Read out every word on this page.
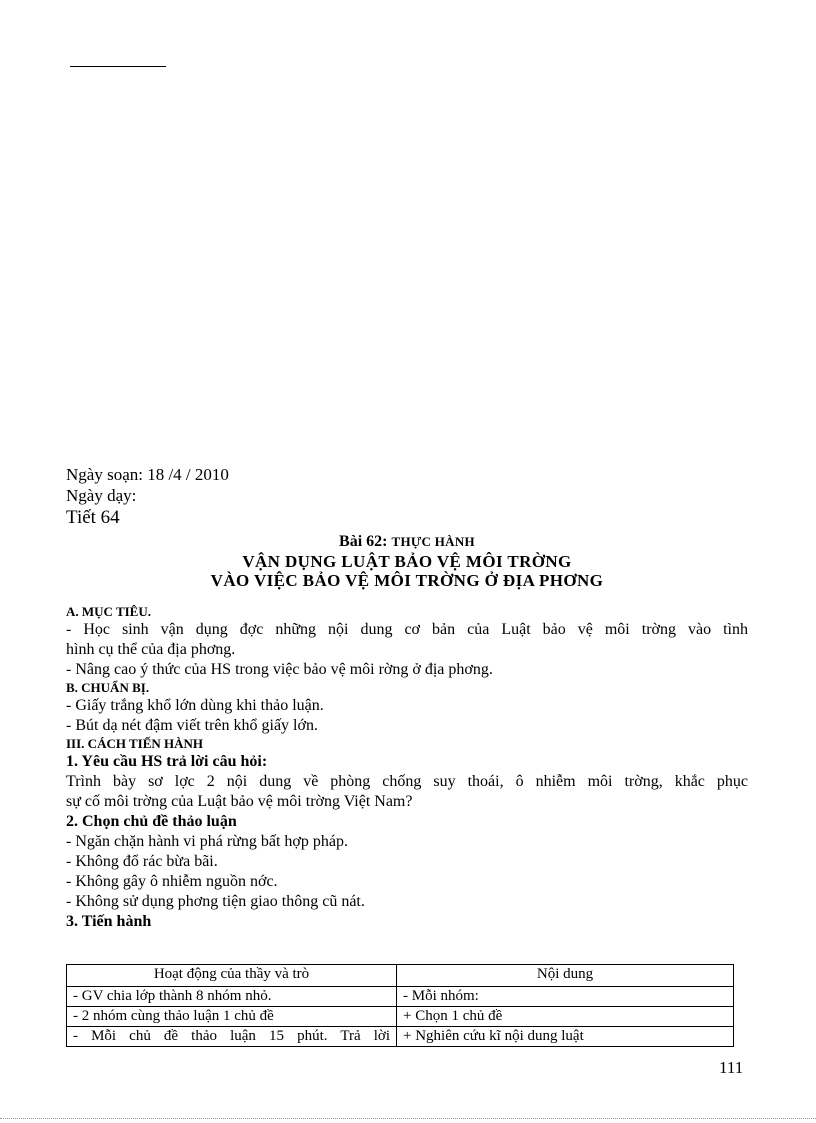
Ngày soạn: 18 /4 / 2010

Ngày dạy:

Tiết 64

Bài 62: THỰC HÀNH
VẬN DỤNG LUẬT BẢO VỆ MÔI TRỜNG
VÀO VIỆC BẢO VỆ MÔI TRỜNG Ở ĐỊA PHƠNG
A. MỤC TIÊU.

- Học sinh vận dụng đợc những nội dung cơ bản của Luật bảo vệ môi trờng vào tình

hình cụ thể của địa phơng.

- Nâng cao ý thức của HS trong việc bảo vệ môi rờng ở địa phơng.

B. CHUẨN BỊ.

- Giấy trắng khổ lớn dùng khi thảo luận.

- Bút dạ nét đậm viết trên khổ giấy lớn.

III. CÁCH TIẾN HÀNH

1. Yêu cầu HS trả lời câu hỏi:

Trình bày sơ lợc 2 nội dung về phòng chống suy thoái, ô nhiễm môi trờng, khắc phục

sự cố môi trờng của Luật bảo vệ môi trờng Việt Nam?

2. Chọn chủ đề thảo luận

- Ngăn chặn hành vi phá rừng bất hợp pháp.

- Không đổ rác bừa bãi.

- Không gây ô nhiễm nguồn nớc.

- Không sử dụng phơng tiện giao thông cũ nát.

3. Tiến hành

Hoạt động của thầy và trò	Nội dung
- GV chia lớp thành 8 nhóm nhỏ.	- Mỗi nhóm:
- 2 nhóm cùng thảo luận 1 chủ đề	+ Chọn 1 chủ đề
- Mỗi chủ đề thảo luận 15 phút. Trả lời	+ Nghiên cứu kĩ nội dung luật
111
